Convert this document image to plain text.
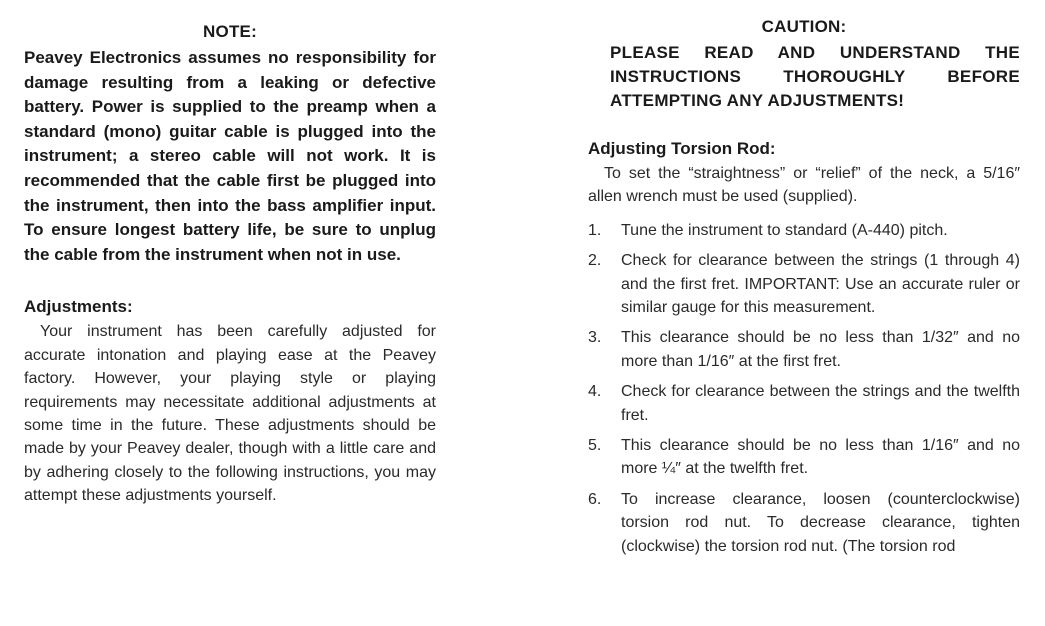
NOTE:

Peavey Electronics assumes no responsibility for damage resulting from a leaking or defective battery. Power is supplied to the preamp when a standard (mono) guitar cable is plugged into the instrument; a stereo cable will not work. It is recommended that the cable first be plugged into the instrument, then into the bass amplifier input. To ensure longest battery life, be sure to unplug the cable from the instrument when not in use.

Adjustments:

Your instrument has been carefully adjusted for accurate intonation and playing ease at the Peavey factory. However, your playing style or playing requirements may necessitate additional adjustments at some time in the future. These adjustments should be made by your Peavey dealer, though with a little care and by adhering closely to the following instructions, you may attempt these adjustments yourself.

CAUTION:

PLEASE READ AND UNDERSTAND THE INSTRUCTIONS THOROUGHLY BEFORE ATTEMPTING ANY ADJUSTMENTS!

Adjusting Torsion Rod:

To set the “straightness” or “relief” of the neck, a 5/16″ allen wrench must be used (supplied).

1. Tune the instrument to standard (A-440) pitch.
2. Check for clearance between the strings (1 through 4) and the first fret. IMPORTANT: Use an accurate ruler or similar gauge for this measurement.
3. This clearance should be no less than 1/32″ and no more than 1/16″ at the first fret.
4. Check for clearance between the strings and the twelfth fret.
5. This clearance should be no less than 1/16″ and no more ¼″ at the twelfth fret.
6. To increase clearance, loosen (counterclockwise) torsion rod nut. To decrease clearance, tighten (clockwise) the torsion rod nut. (The torsion rod
